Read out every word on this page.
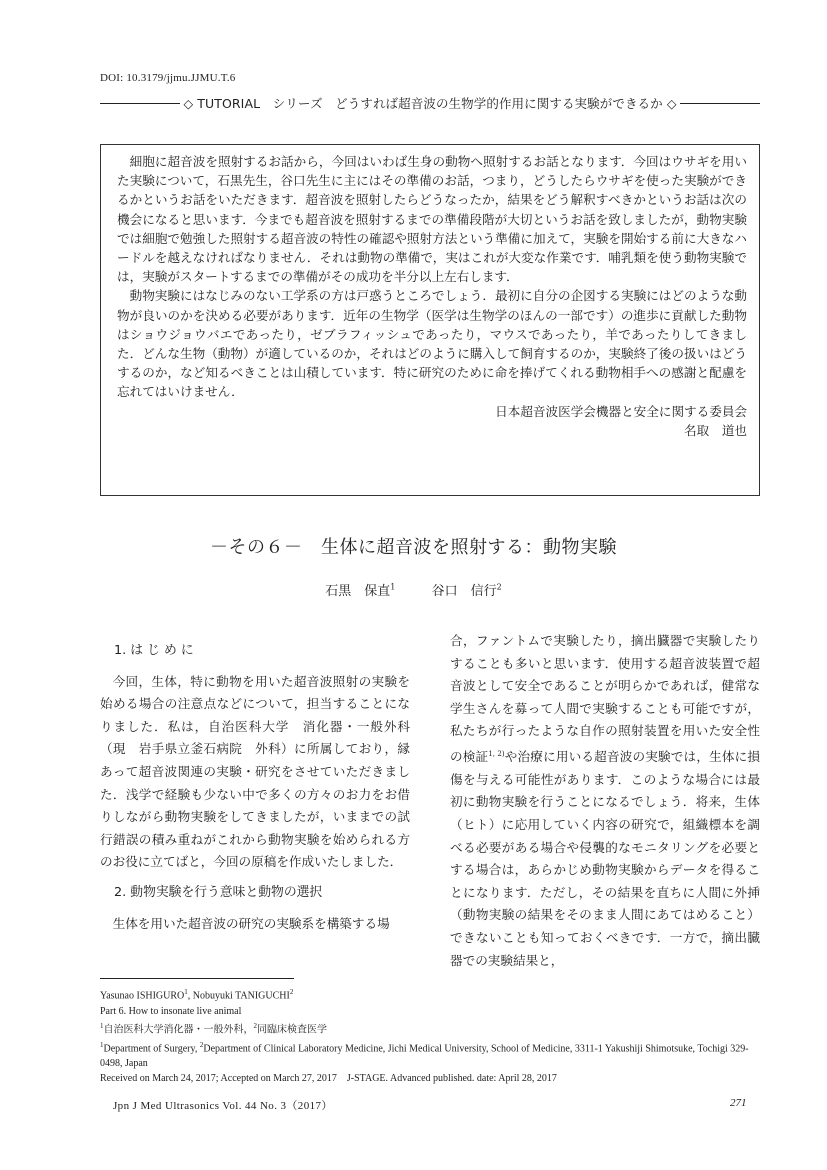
DOI: 10.3179/jjmu.JJMU.T.6
◇ TUTORIAL　シリーズ　どうすれば超音波の生物学的作用に関する実験ができるか ◇

細胞に超音波を照射するお話から，今回はいわば生身の動物へ照射するお話となります．今回はウサギを用いた実験について，石黒先生，谷口先生に主にはその準備のお話，つまり，どうしたらウサギを使った実験ができるかというお話をいただきます．超音波を照射したらどうなったか，結果をどう解釈すべきかというお話は次の機会になると思います．今までも超音波を照射するまでの準備段階が大切というお話を致しましたが，動物実験では細胞で勉強した照射する超音波の特性の確認や照射方法という準備に加えて，実験を開始する前に大きなハードルを越えなければなりません．それは動物の準備で，実はこれが大変な作業です．哺乳類を使う動物実験では，実験がスタートするまでの準備がその成功を半分以上左右します．

動物実験にはなじみのない工学系の方は戸惑うところでしょう．最初に自分の企図する実験にはどのような動物が良いのかを決める必要があります．近年の生物学（医学は生物学のほんの一部です）の進歩に貢献した動物はショウジョウバエであったり，ゼブラフィッシュであったり，マウスであったり，羊であったりしてきました．どんな生物（動物）が適しているのか，それはどのように購入して飼育するのか，実験終了後の扱いはどうするのか，など知るべきことは山積しています．特に研究のために命を捧げてくれる動物相手への感謝と配慮を忘れてはいけません．

日本超音波医学会機器と安全に関する委員会
名取　道也
－その６－　生体に超音波を照射する：動物実験
石黒　保直$^1$	谷口　信行$^2$
1. は じ め に

今回，生体，特に動物を用いた超音波照射の実験を始める場合の注意点などについて，担当することになりました．私は，自治医科大学　消化器・一般外科（現　岩手県立釜石病院　外科）に所属しており，縁あって超音波関連の実験・研究をさせていただきました．浅学で経験も少ない中で多くの方々のお力をお借りしながら動物実験をしてきましたが，いままでの試行錯誤の積み重ねがこれから動物実験を始められる方のお役に立てばと，今回の原稿を作成いたしました．

2. 動物実験を行う意味と動物の選択

生体を用いた超音波の研究の実験系を構築する場

合，ファントムで実験したり，摘出臓器で実験したりすることも多いと思います．使用する超音波装置で超音波として安全であることが明らかであれば，健常な学生さんを募って人間で実験することも可能ですが，私たちが行ったような自作の照射装置を用いた安全性の検証$^{1, 2)}$や治療に用いる超音波の実験では，生体に損傷を与える可能性があります．このような場合には最初に動物実験を行うことになるでしょう．将来，生体（ヒト）に応用していく内容の研究で，組織標本を調べる必要がある場合や侵襲的なモニタリングを必要とする場合は，あらかじめ動物実験からデータを得ることになります．ただし，その結果を直ちに人間に外挿（動物実験の結果をそのまま人間にあてはめること）できないことも知っておくべきです．一方で，摘出臓器での実験結果と，

Yasunao ISHIGURO$^1$, Nobuyuki TANIGUCHI$^2$
Part 6. How to insonate live animal
$^1$自治医科大学消化器・一般外科，$^2$同臨床検査医学
$^1$Department of Surgery, $^2$Department of Clinical Laboratory Medicine, Jichi Medical University, School of Medicine, 3311-1 Yakushiji Shimotsuke, Tochigi 329-0498, Japan
Received on March 24, 2017; Accepted on March 27, 2017　J-STAGE. Advanced published. date: April 28, 2017
Jpn J Med Ultrasonics Vol. 44 No. 3（2017）	271
